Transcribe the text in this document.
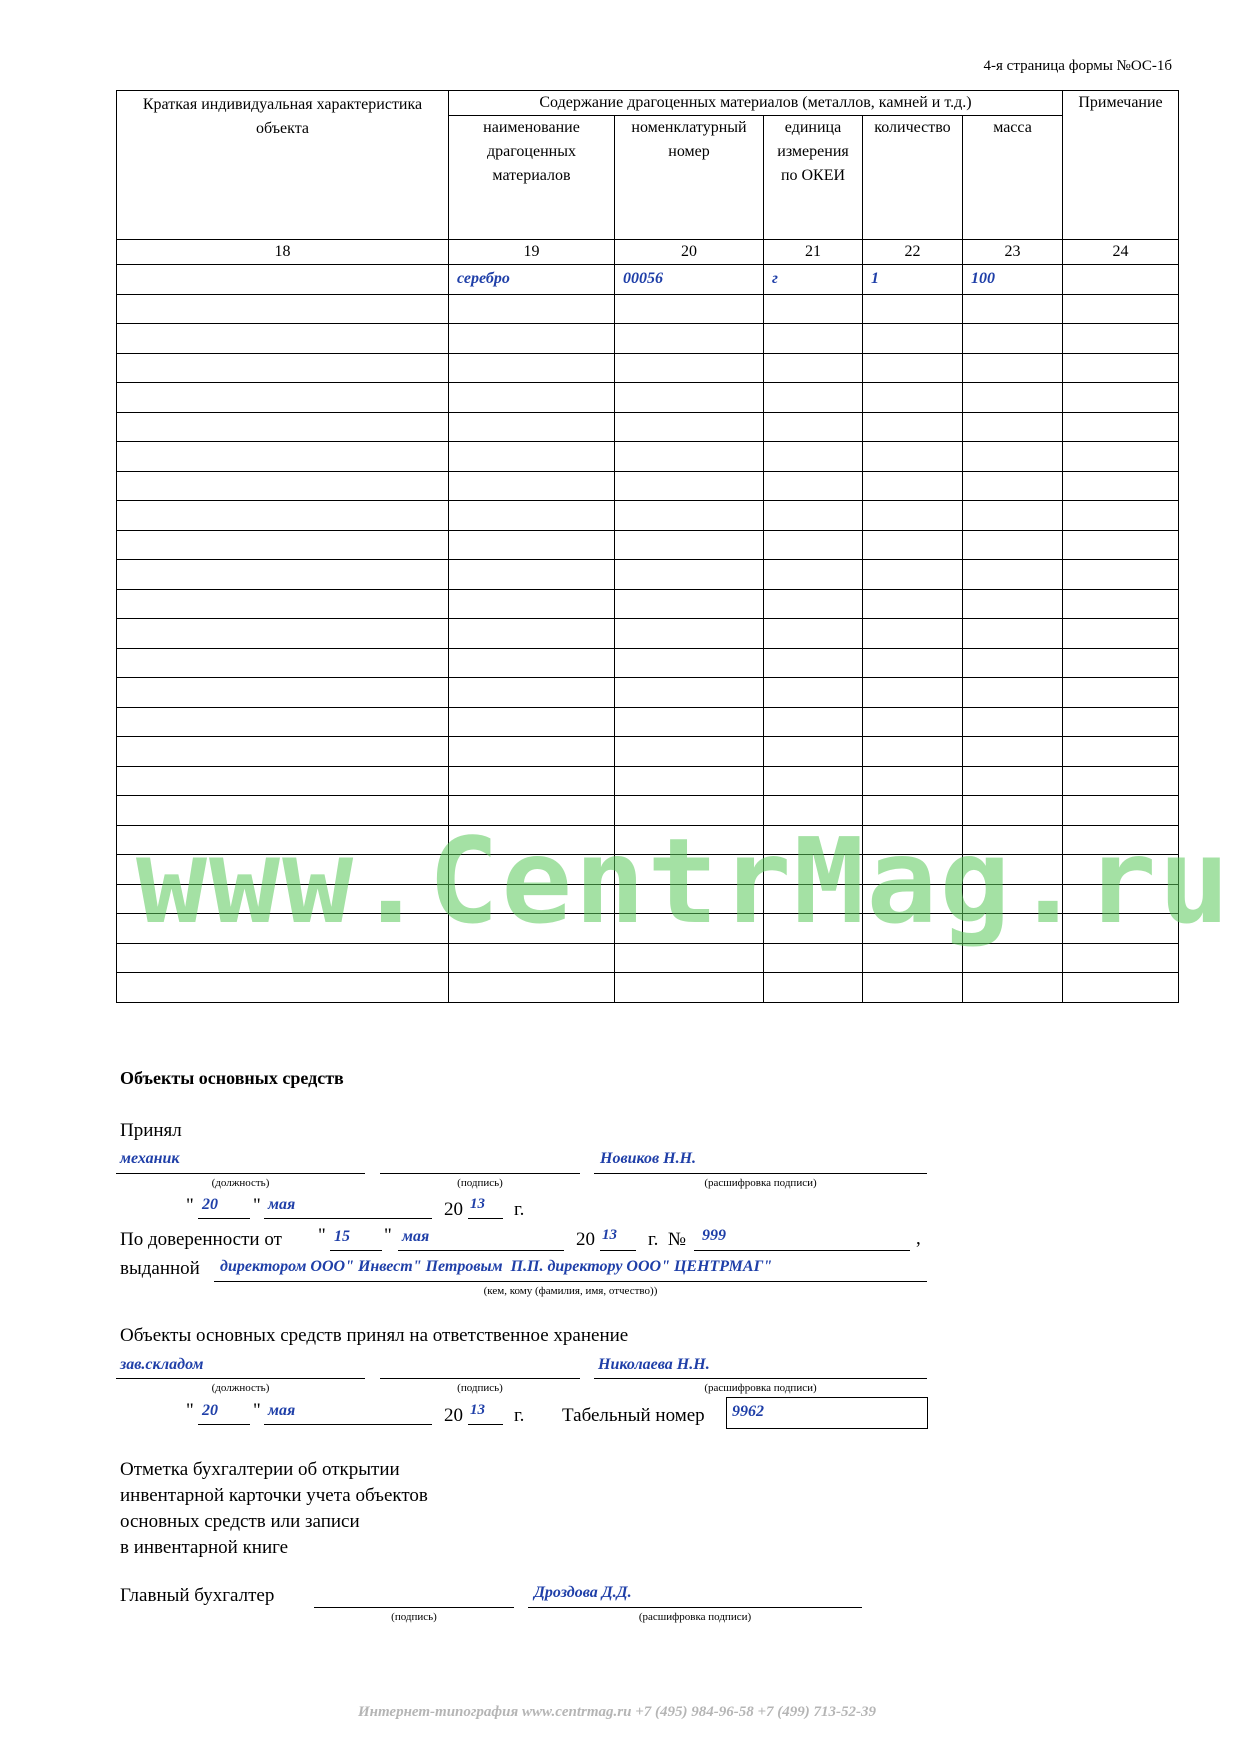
4-я страница формы №ОС-1б
Краткая индивидуальная характеристика объекта	Содержание драгоценных материалов (металлов, камней и т.д.)					Примечание
	наименование драгоценных материалов	номенклатурный номер	единица измерения по ОКЕИ	количество	масса	
18	19	20	21	22	23	24
	серебро	00056	г	1	100	

www.CentrMag.ru
Объекты основных средств
Принял
механик
(должность)	(подпись)
Новиков Н.Н.
(расшифровка подписи)
" 20 " мая	20 13 г.
По доверенности от " 15 " мая	20 13 г.  № 999	,
выданной директором ООО" Инвест" Петровым  П.П. директору ООО" ЦЕНТРМАГ"
(кем, кому (фамилия, имя, отчество))
Объекты основных средств принял на ответственное хранение
зав.складом
(должность)	(подпись)
Николаева Н.Н.
(расшифровка подписи)
" 20 " мая	20 13 г. Табельный номер 9962
Отметка бухгалтерии об открытии
инвентарной карточки учета объектов
основных средств или записи
в инвентарной книге
Главный бухгалтер
(подпись)
Дроздова Д.Д.
(расшифровка подписи)
Интернет-типография www.centrmag.ru +7 (495) 984-96-58 +7 (499) 713-52-39
